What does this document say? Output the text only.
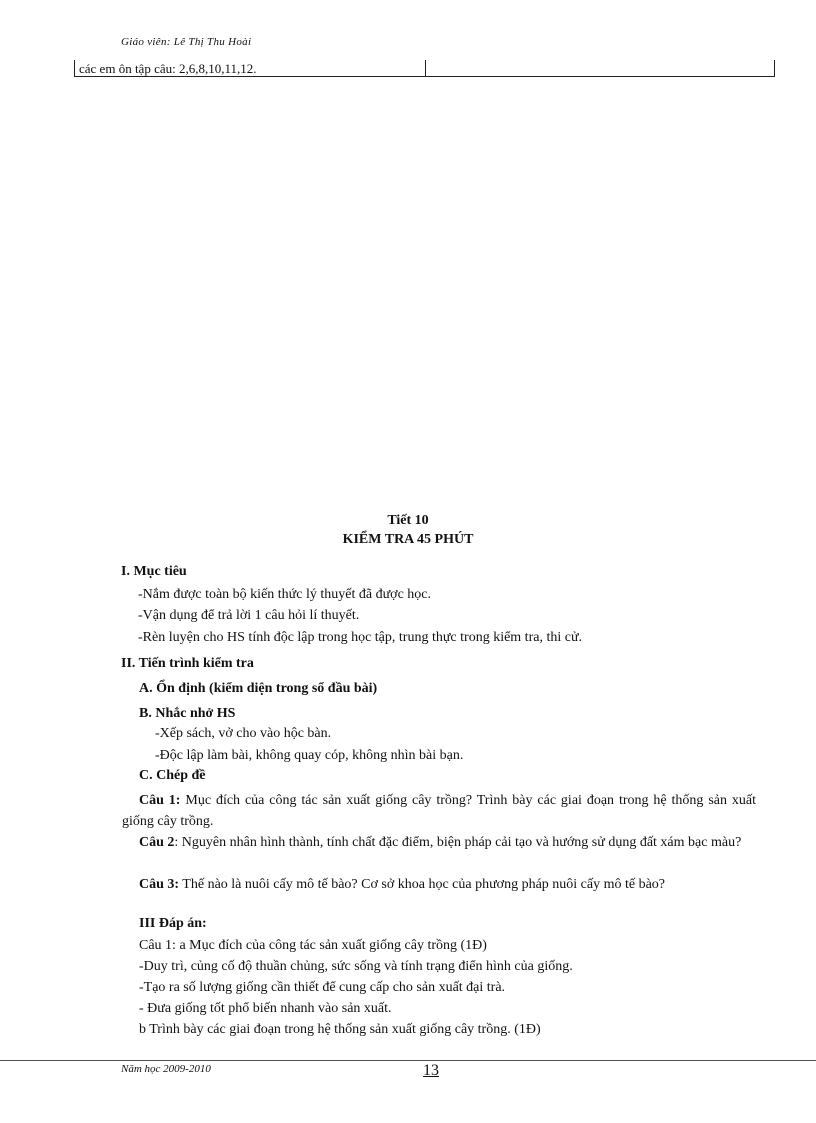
Giáo viên: Lê Thị Thu Hoài
các em ôn tập câu: 2,6,8,10,11,12.
Tiết 10
KIỂM TRA 45 PHÚT
I. Mục tiêu
-Nắm được toàn bộ kiến thức lý thuyết đã được học.
-Vận dụng để trả lời 1 câu hỏi lí thuyết.
-Rèn luyện cho HS tính độc lập trong học tập, trung thực trong kiểm tra, thi cử.
II. Tiến trình kiểm tra
A. Ổn định (kiểm diện trong sổ đầu bài)
B. Nhắc nhở HS
-Xếp sách, vở cho vào hộc bàn.
-Độc lập làm bài, không quay cóp, không nhìn bài bạn.
C. Chép đề
Câu 1: Mục đích của công tác sản xuất giống cây trồng? Trình bày các giai đoạn trong hệ thống sản xuất giống cây trồng.
Câu 2: Nguyên nhân hình thành, tính chất đặc điểm, biện pháp cải tạo và hướng sử dụng đất xám bạc màu?
Câu 3: Thế nào là nuôi cấy mô tế bào? Cơ sở khoa học của phương pháp nuôi cấy mô tế bào?
III Đáp án:
Câu 1: a Mục đích của công tác sản xuất giống cây trồng (1Đ)
-Duy trì, củng cố độ thuần chủng, sức sống và tính trạng điển hình của giống.
-Tạo ra số lượng giống cần thiết để cung cấp cho sản xuất đại trà.
- Đưa giống tốt phổ biến nhanh vào sản xuất.
b Trình bày các giai đoạn trong hệ thống sản xuất giống cây trồng. (1Đ)
Năm học 2009-2010	13
